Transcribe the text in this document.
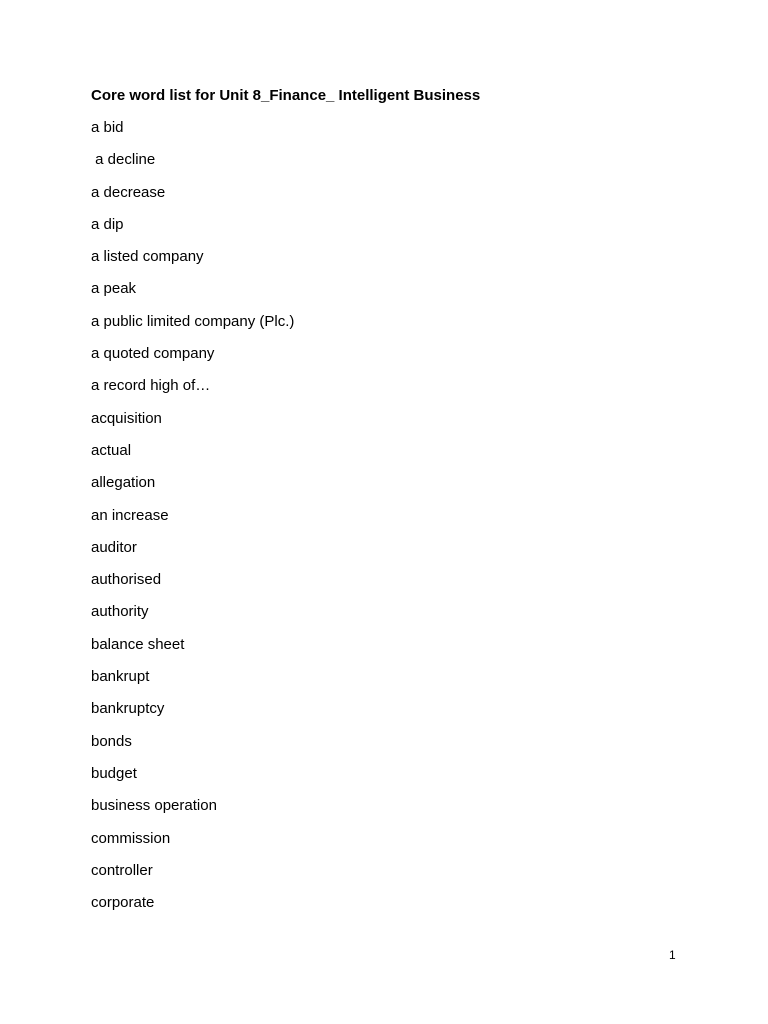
Core word list for Unit 8_Finance_ Intelligent Business
a bid
a decline
a decrease
a dip
a listed company
a peak
a public limited company (Plc.)
a quoted company
a record high of…
acquisition
actual
allegation
an increase
auditor
authorised
authority
balance sheet
bankrupt
bankruptcy
bonds
budget
business operation
commission
controller
corporate
1
